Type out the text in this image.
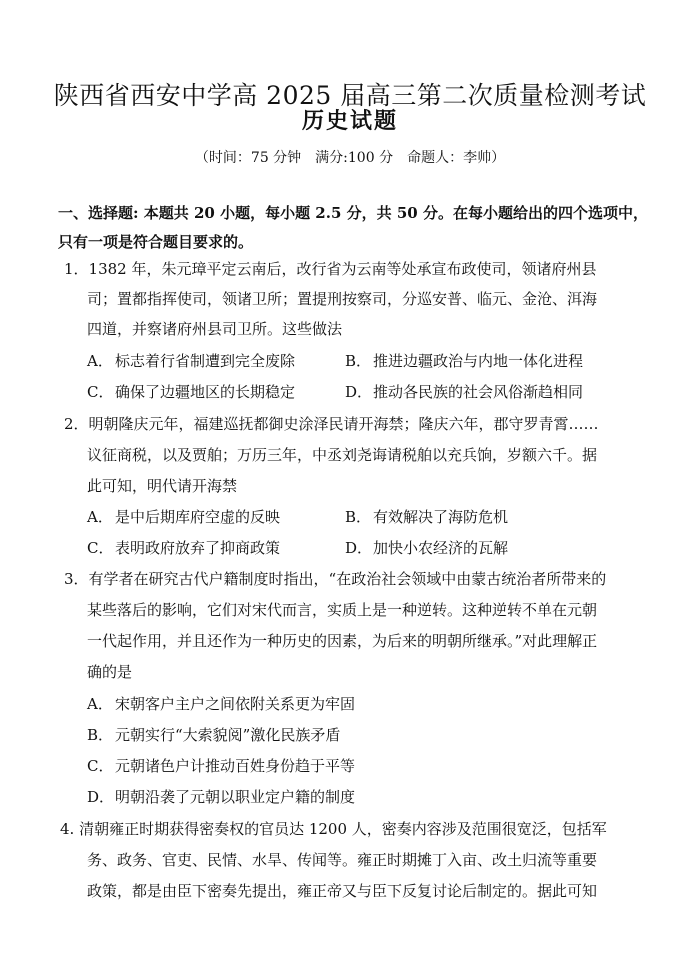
陕西省西安中学高 2025 届高三第二次质量检测考试
历史试题
（时间：75 分钟　满分:100 分　命题人：李帅）
一、选择题: 本题共 20 小题，每小题 2.5 分，共 50 分。在每小题给出的四个选项中，
只有一项是符合题目要求的。
1．1382 年，朱元璋平定云南后，改行省为云南等处承宣布政使司，领诸府州县
司；置都指挥使司，领诸卫所；置提刑按察司，分巡安普、临元、金沧、洱海
四道，并察诸府州县司卫所。这些做法
A． 标志着行省制遭到完全废除	B． 推进边疆政治与内地一体化进程
C． 确保了边疆地区的长期稳定	D．推动各民族的社会风俗渐趋相同
2．明朝隆庆元年，福建巡抚都御史涂泽民请开海禁；隆庆六年，郡守罗青霄……
议征商税，以及贾舶；万历三年，中丞刘尧诲请税舶以充兵饷，岁额六千。据
此可知，明代请开海禁
A． 是中后期库府空虚的反映	B． 有效解决了海防危机
C． 表明政府放弃了抑商政策	D．加快小农经济的瓦解
3．有学者在研究古代户籍制度时指出，“在政治社会领域中由蒙古统治者所带来的
某些落后的影响，它们对宋代而言，实质上是一种逆转。这种逆转不单在元朝
一代起作用，并且还作为一种历史的因素，为后来的明朝所继承。”对此理解正
确的是
A． 宋朝客户主户之间依附关系更为牢固
B． 元朝实行“大索貌阅”激化民族矛盾
C． 元朝诸色户计推动百姓身份趋于平等
D．明朝沿袭了元朝以职业定户籍的制度
4. 清朝雍正时期获得密奏权的官员达 1200 人，密奏内容涉及范围很宽泛，包括军
务、政务、官吏、民情、水旱、传闻等。雍正时期摊丁入亩、改土归流等重要
政策，都是由臣下密奏先提出，雍正帝又与臣下反复讨论后制定的。据此可知
